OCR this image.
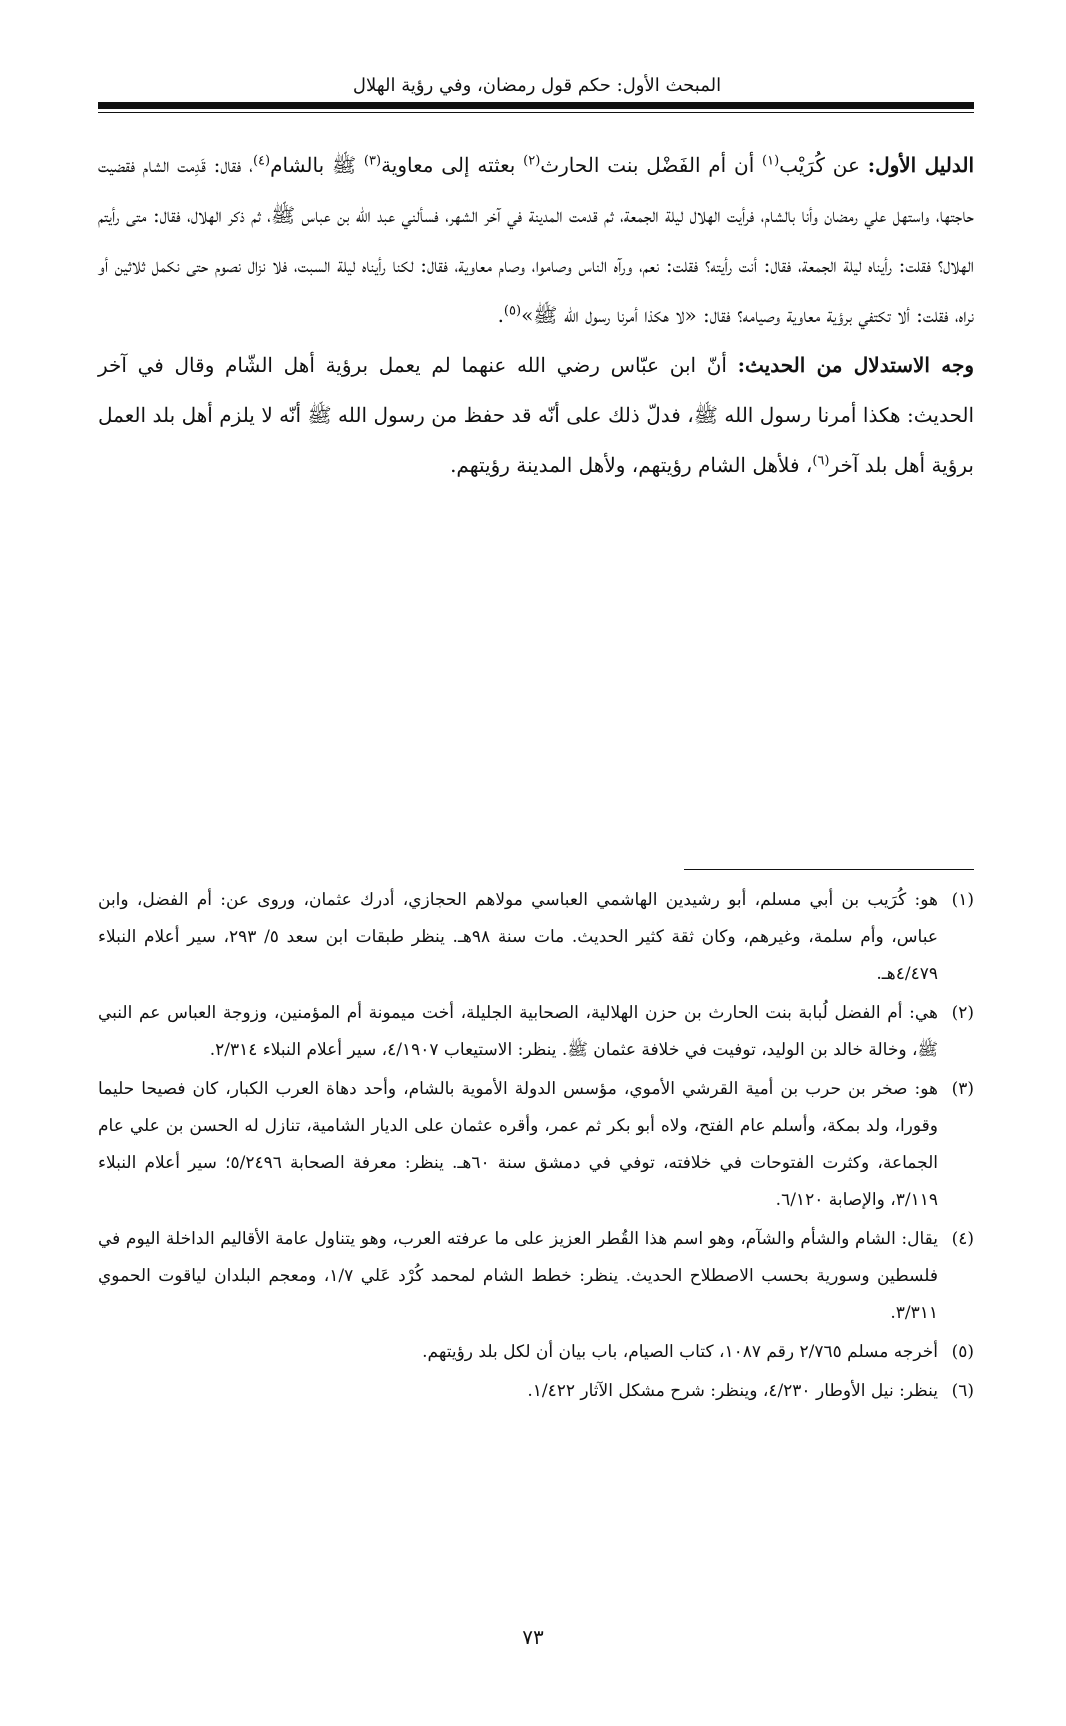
المبحث الأول: حكم قول رمضان، وفي رؤية الهلال

الدليل الأول: عن كُرَيْب$^{(١)}$ أن أم الفَضْل بنت الحارث$^{(٢)}$ بعثته إلى معاوية$^{(٣)}$ ﷺ بالشام$^{(٤)}$، فقال: قَدِمت الشام فقضيت حاجتها، واستهل علي رمضان وأنا بالشام، فرأيت الهلال ليلة الجمعة، ثم قدمت المدينة في آخر الشهر، فسألني عبد الله بن عباس ﷺ، ثم ذكر الهلال، فقال: متى رأيتم الهلال؟ فقلت: رأيناه ليلة الجمعة، فقال: أنت رأيته؟ فقلت: نعم، ورآه الناس وصاموا، وصام معاوية، فقال: لكنا رأيناه ليلة السبت، فلا نزال نصوم حتى نكمل ثلاثين أو نراه، فقلت: ألا تكتفي برؤية معاوية وصيامه؟ فقال: «لا هكذا أمرنا رسول الله ﷺ»$^{(٥)}$.

وجه الاستدلال من الحديث: أنّ ابن عبّاس رضي الله عنهما لم يعمل برؤية أهل الشّام وقال في آخر الحديث: هكذا أمرنا رسول الله ﷺ، فدلّ ذلك على أنّه قد حفظ من رسول الله ﷺ أنّه لا يلزم أهل بلد العمل برؤية أهل بلد آخر$^{(٦)}$، فلأهل الشام رؤيتهم، ولأهل المدينة رؤيتهم.

(١)
هو: كُرَيب بن أبي مسلم، أبو رشيدين الهاشمي العباسي مولاهم الحجازي، أدرك عثمان، وروى عن: أم الفضل، وابن عباس، وأم سلمة، وغيرهم، وكان ثقة كثير الحديث. مات سنة ٩٨هـ. ينظر طبقات ابن سعد ٥/ ٢٩٣، سير أعلام النبلاء ٤/٤٧٩هـ.
(٢)
هي: أم الفضل لُبابة بنت الحارث بن حزن الهلالية، الصحابية الجليلة، أخت ميمونة أم المؤمنين، وزوجة العباس عم النبي ﷺ، وخالة خالد بن الوليد، توفيت في خلافة عثمان ﷺ. ينظر: الاستيعاب ٤/١٩٠٧، سير أعلام النبلاء ٢/٣١٤.
(٣)
هو: صخر بن حرب بن أمية القرشي الأموي، مؤسس الدولة الأموية بالشام، وأحد دهاة العرب الكبار، كان فصيحا حليما وقورا، ولد بمكة، وأسلم عام الفتح، ولاه أبو بكر ثم عمر، وأقره عثمان على الديار الشامية، تنازل له الحسن بن علي عام الجماعة، وكثرت الفتوحات في خلافته، توفي في دمشق سنة ٦٠هـ. ينظر: معرفة الصحابة ٥/٢٤٩٦؛ سير أعلام النبلاء ٣/١١٩، والإصابة ٦/١٢٠.
(٤)
يقال: الشام والشأم والشآم، وهو اسم هذا القُطر العزيز على ما عرفته العرب، وهو يتناول عامة الأقاليم الداخلة اليوم في فلسطين وسورية بحسب الاصطلاح الحديث. ينظر: خطط الشام لمحمد كُرْد عَلي ١/٧، ومعجم البلدان لياقوت الحموي ٣/٣١١.
(٥)
أخرجه مسلم ٢/٧٦٥ رقم ١٠٨٧، كتاب الصيام، باب بيان أن لكل بلد رؤيتهم.
(٦)
ينظر: نيل الأوطار ٤/٢٣٠، وينظر: شرح مشكل الآثار ١/٤٢٢.
٧٣
